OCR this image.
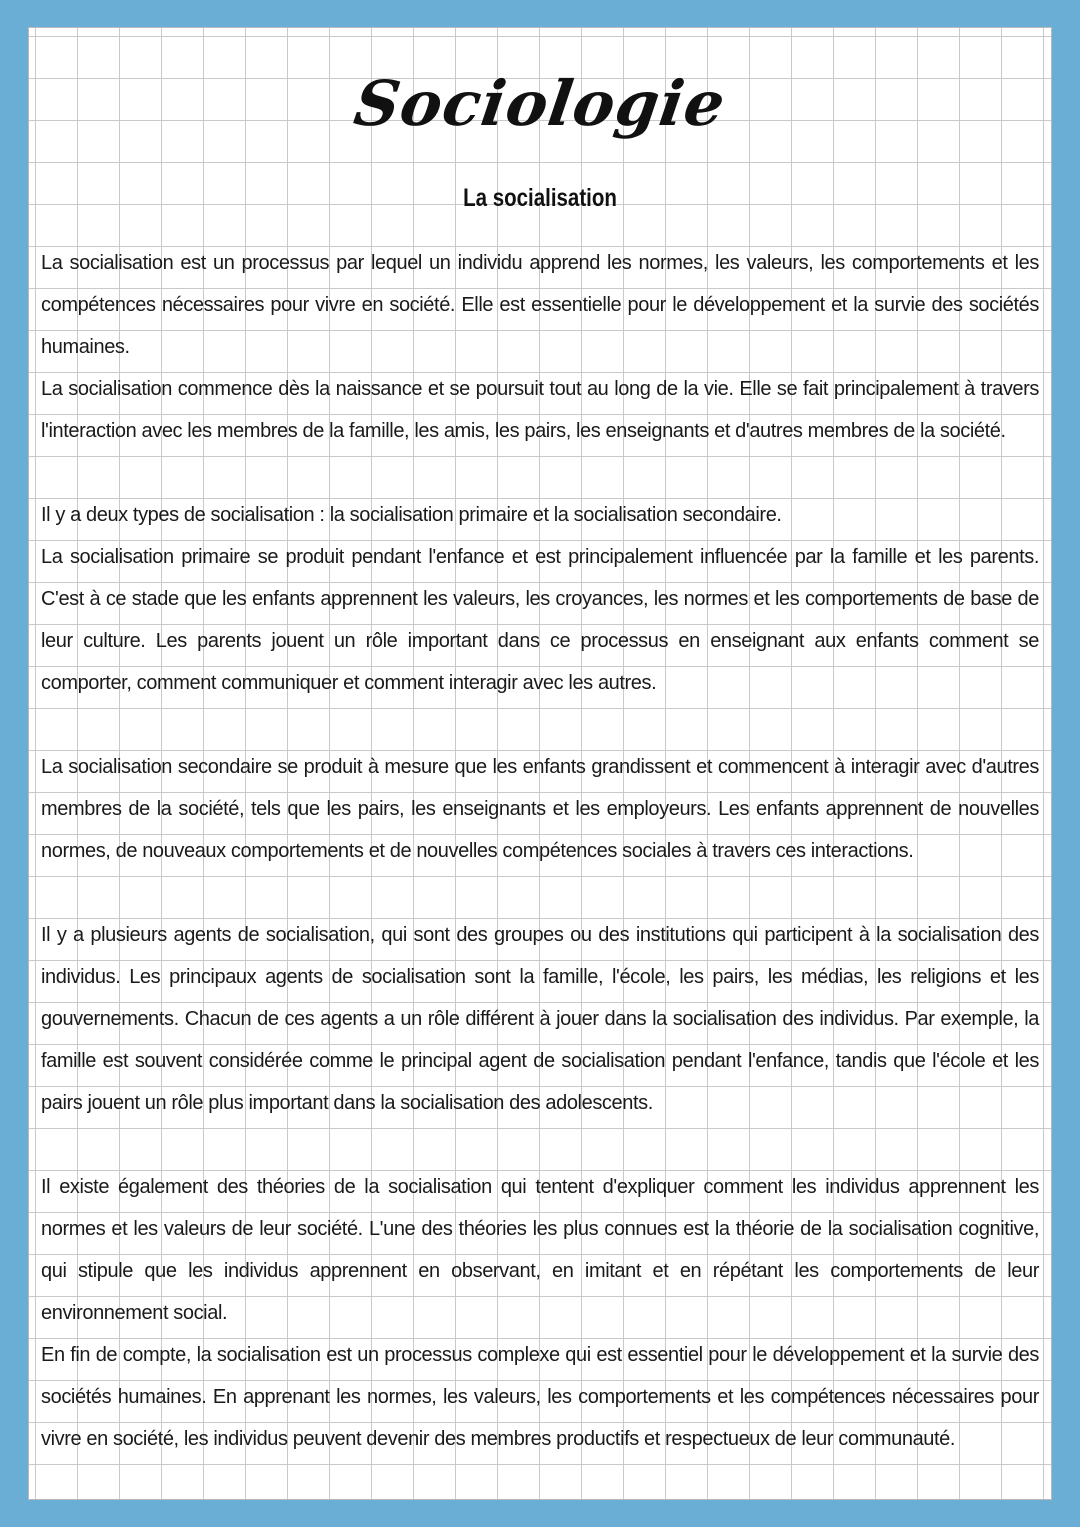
Sociologie
La socialisation

La socialisation est un processus par lequel un individu apprend les normes, les valeurs, les comportements et les compétences nécessaires pour vivre en société. Elle est essentielle pour le développement et la survie des sociétés humaines.

La socialisation commence dès la naissance et se poursuit tout au long de la vie. Elle se fait principalement à travers l'interaction avec les membres de la famille, les amis, les pairs, les enseignants et d'autres membres de la société.

Il y a deux types de socialisation : la socialisation primaire et la socialisation secondaire.

La socialisation primaire se produit pendant l'enfance et est principalement influencée par la famille et les parents. C'est à ce stade que les enfants apprennent les valeurs, les croyances, les normes et les comportements de base de leur culture. Les parents jouent un rôle important dans ce processus en enseignant aux enfants comment se comporter, comment communiquer et comment interagir avec les autres.

La socialisation secondaire se produit à mesure que les enfants grandissent et commencent à interagir avec d'autres membres de la société, tels que les pairs, les enseignants et les employeurs. Les enfants apprennent de nouvelles normes, de nouveaux comportements et de nouvelles compétences sociales à travers ces interactions.

Il y a plusieurs agents de socialisation, qui sont des groupes ou des institutions qui participent à la socialisation des individus. Les principaux agents de socialisation sont la famille, l'école, les pairs, les médias, les religions et les gouvernements. Chacun de ces agents a un rôle différent à jouer dans la socialisation des individus. Par exemple, la famille est souvent considérée comme le principal agent de socialisation pendant l'enfance, tandis que l'école et les pairs jouent un rôle plus important dans la socialisation des adolescents.

Il existe également des théories de la socialisation qui tentent d'expliquer comment les individus apprennent les normes et les valeurs de leur société. L'une des théories les plus connues est la théorie de la socialisation cognitive, qui stipule que les individus apprennent en observant, en imitant et en répétant les comportements de leur environnement social.

En fin de compte, la socialisation est un processus complexe qui est essentiel pour le développement et la survie des sociétés humaines. En apprenant les normes, les valeurs, les comportements et les compétences nécessaires pour vivre en société, les individus peuvent devenir des membres productifs et respectueux de leur communauté.
